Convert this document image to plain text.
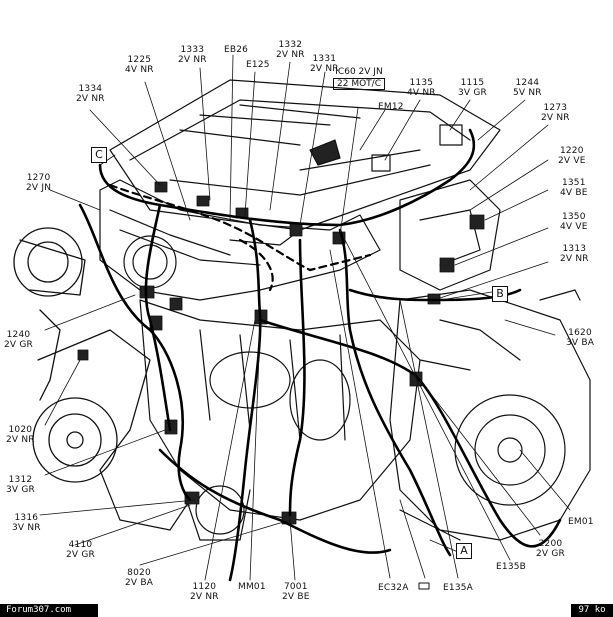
1225
4V NR
1333
2V NR
EB26
E125
1332
2V NR 1331
2V NR
1135
4V NR
1115
3V GR
1244
5V NR
1334
2V NR
EM12	1273
2V NR
1220
2V VE
1270
2V JN	1351
4V BE
1350
4V VE
1313
2V NR
1240
2V GR
1620
3V BA
1020
2V NR
1312
3V GR
1316
3V NR
EM01
2200
2V GR
4110
2V GR
E135B
8020
2V BA	1120
2V NR
MM01 7001
2V BE
EC32A	E135A
IC60 2V JN
22 MOT/C
C
B
A
Forum307.com	97 ko
